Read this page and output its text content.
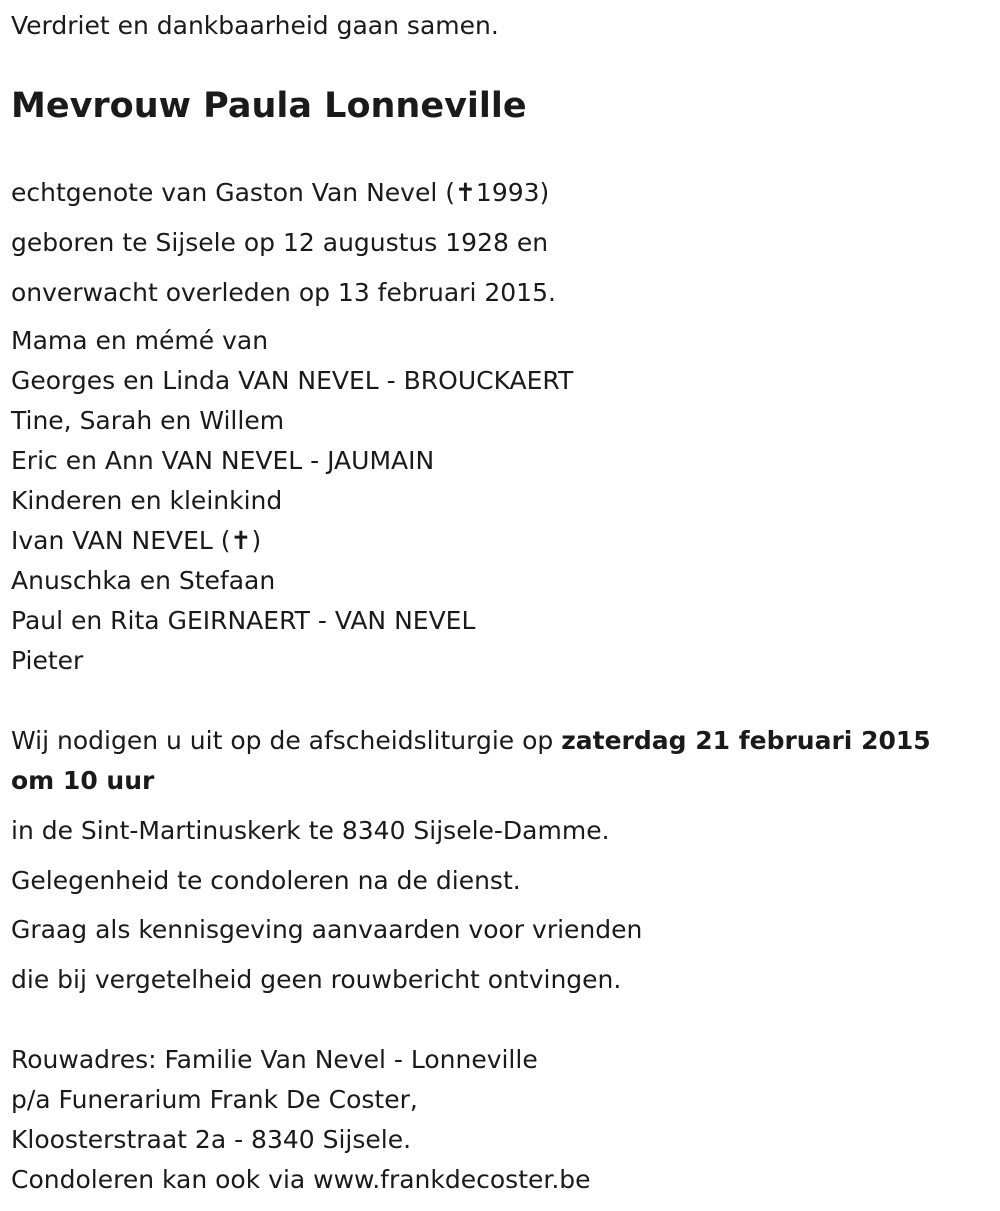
Verdriet en dankbaarheid gaan samen.
Mevrouw Paula Lonneville
echtgenote van Gaston Van Nevel (✝1993)
geboren te Sijsele op 12 augustus 1928 en
onverwacht overleden op 13 februari 2015.
Mama en mémé van
Georges en Linda VAN NEVEL - BROUCKAERT
Tine, Sarah en Willem
Eric en Ann VAN NEVEL - JAUMAIN
Kinderen en kleinkind
Ivan VAN NEVEL (✝)
Anuschka en Stefaan
Paul en Rita GEIRNAERT - VAN NEVEL
Pieter
Wij nodigen u uit op de afscheidsliturgie op zaterdag 21 februari 2015
om 10 uur
in de Sint-Martinuskerk te 8340 Sijsele-Damme.
Gelegenheid te condoleren na de dienst.
Graag als kennisgeving aanvaarden voor vrienden
die bij vergetelheid geen rouwbericht ontvingen.
Rouwadres: Familie Van Nevel - Lonneville
p/a Funerarium Frank De Coster,
Kloosterstraat 2a - 8340 Sijsele.
Condoleren kan ook via www.frankdecoster.be
